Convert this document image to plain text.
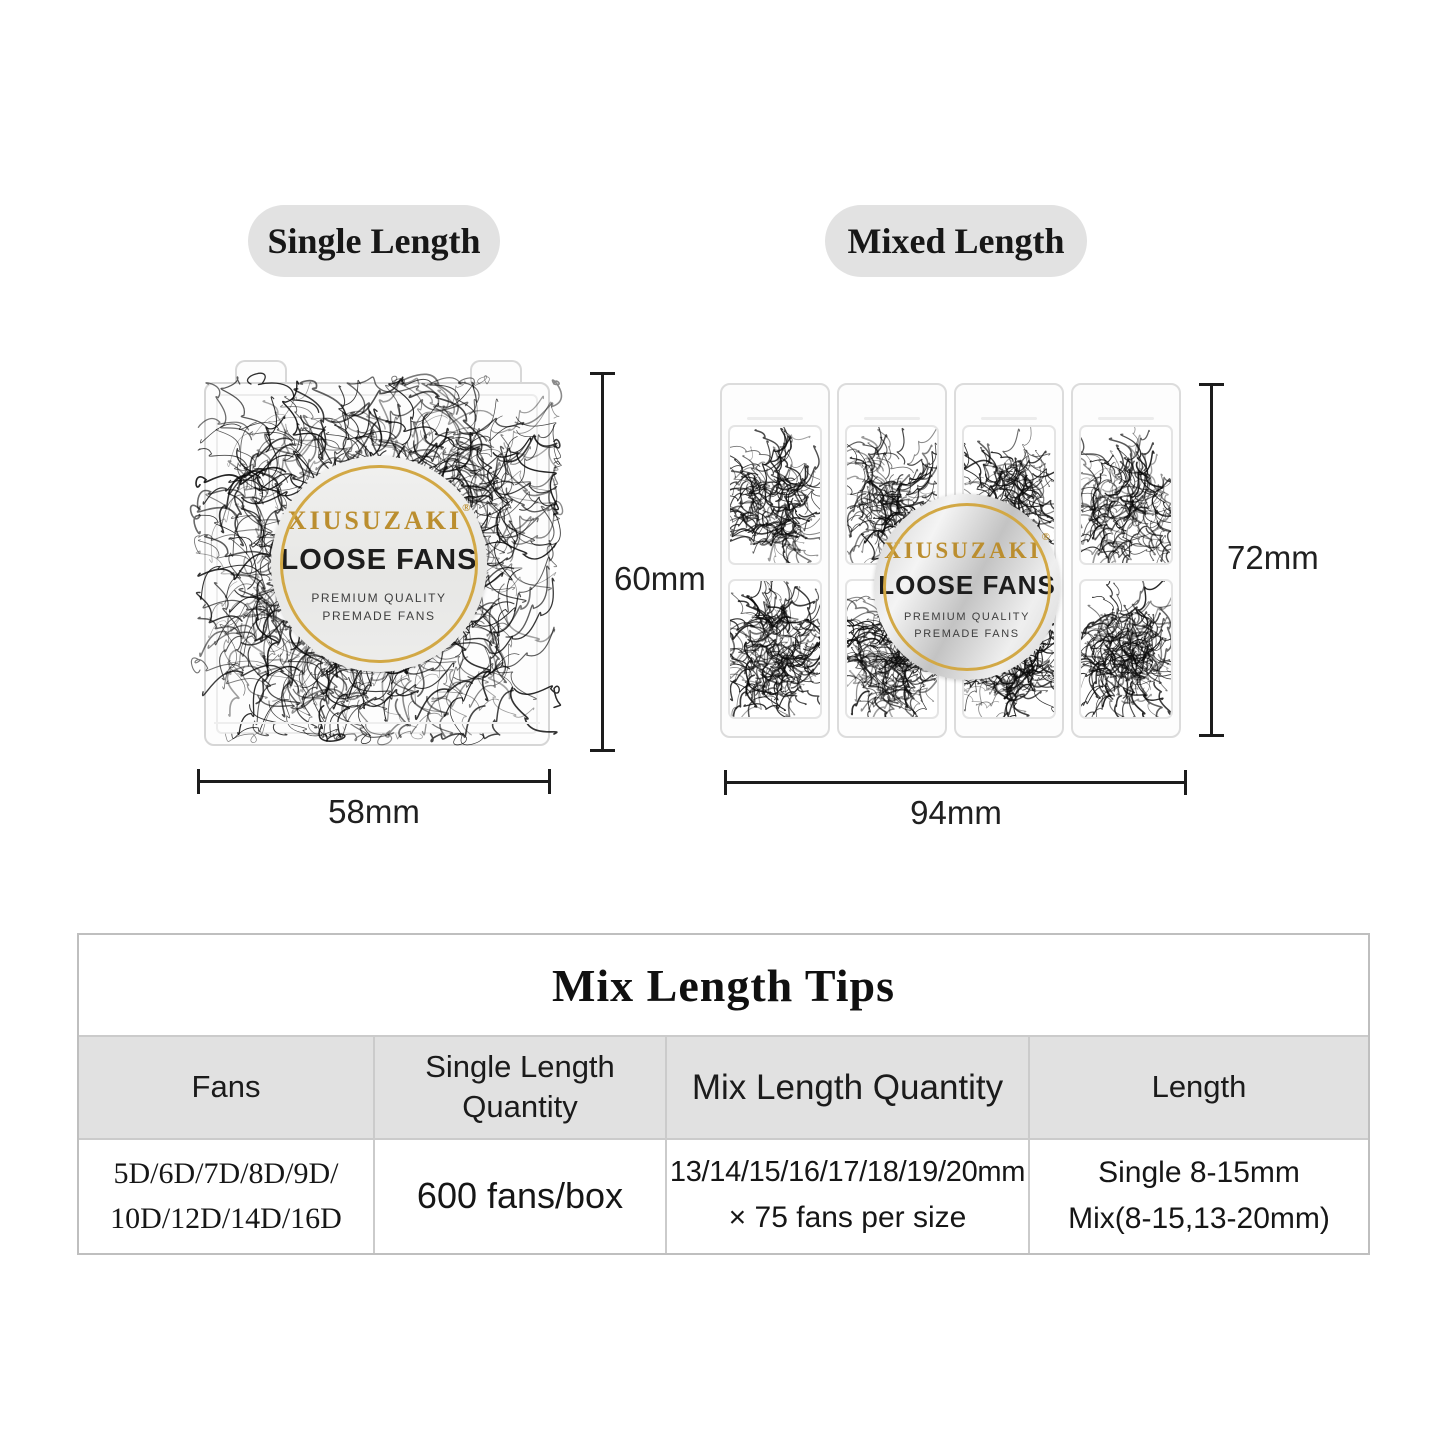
Single Length	Mixed Length
XIUSUZAKI®
LOOSE FANS
PREMIUM QUALITY
PREMADE FANS
XIUSUZAKI®
LOOSE FANS
PREMIUM QUALITY
PREMADE FANS
60mm
58mm
72mm
94mm
Mix Length Tips
Fans
Single Length
Quantity
Mix Length Quantity	Length
5D/6D/7D/8D/9D/
10D/12D/14D/16D
600 fans/box
13/14/15/16/17/18/19/20mm
× 75 fans per size
Single 8-15mm
Mix(8-15,13-20mm)
